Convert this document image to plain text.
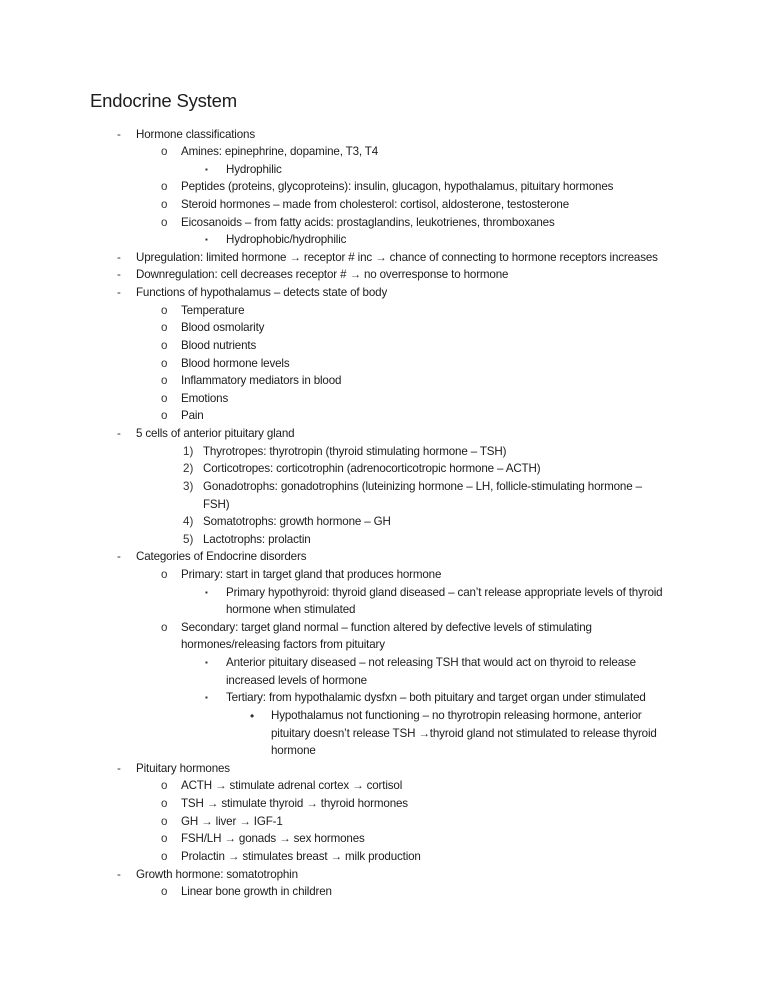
Endocrine System
- Hormone classifications
o Amines: epinephrine, dopamine, T3, T4
▪ Hydrophilic
o Peptides (proteins, glycoproteins): insulin, glucagon, hypothalamus, pituitary hormones
o Steroid hormones – made from cholesterol: cortisol, aldosterone, testosterone
o Eicosanoids – from fatty acids: prostaglandins, leukotrienes, thromboxanes
▪ Hydrophobic/hydrophilic
- Upregulation: limited hormone → receptor # inc → chance of connecting to hormone receptors increases
- Downregulation: cell decreases receptor # → no overresponse to hormone
- Functions of hypothalamus – detects state of body
o Temperature
o Blood osmolarity
o Blood nutrients
o Blood hormone levels
o Inflammatory mediators in blood
o Emotions
o Pain
- 5 cells of anterior pituitary gland
1) Thyrotropes: thyrotropin (thyroid stimulating hormone – TSH)
2) Corticotropes: corticotrophin (adrenocorticotropic hormone – ACTH)
3) Gonadotrophs: gonadotrophins (luteinizing hormone – LH, follicle-stimulating hormone –
FSH)
4) Somatotrophs: growth hormone – GH
5) Lactotrophs: prolactin
- Categories of Endocrine disorders
o Primary: start in target gland that produces hormone
▪ Primary hypothyroid: thyroid gland diseased – can’t release appropriate levels of thyroid
hormone when stimulated
o Secondary: target gland normal – function altered by defective levels of stimulating
hormones/releasing factors from pituitary
▪ Anterior pituitary diseased – not releasing TSH that would act on thyroid to release
increased levels of hormone
▪ Tertiary: from hypothalamic dysfxn – both pituitary and target organ under stimulated
• Hypothalamus not functioning – no thyrotropin releasing hormone, anterior
pituitary doesn’t release TSH →thyroid gland not stimulated to release thyroid
hormone
- Pituitary hormones
o ACTH → stimulate adrenal cortex → cortisol
o TSH → stimulate thyroid → thyroid hormones
o GH → liver → IGF-1
o FSH/LH → gonads → sex hormones
o Prolactin → stimulates breast → milk production
- Growth hormone: somatotrophin
o Linear bone growth in children
